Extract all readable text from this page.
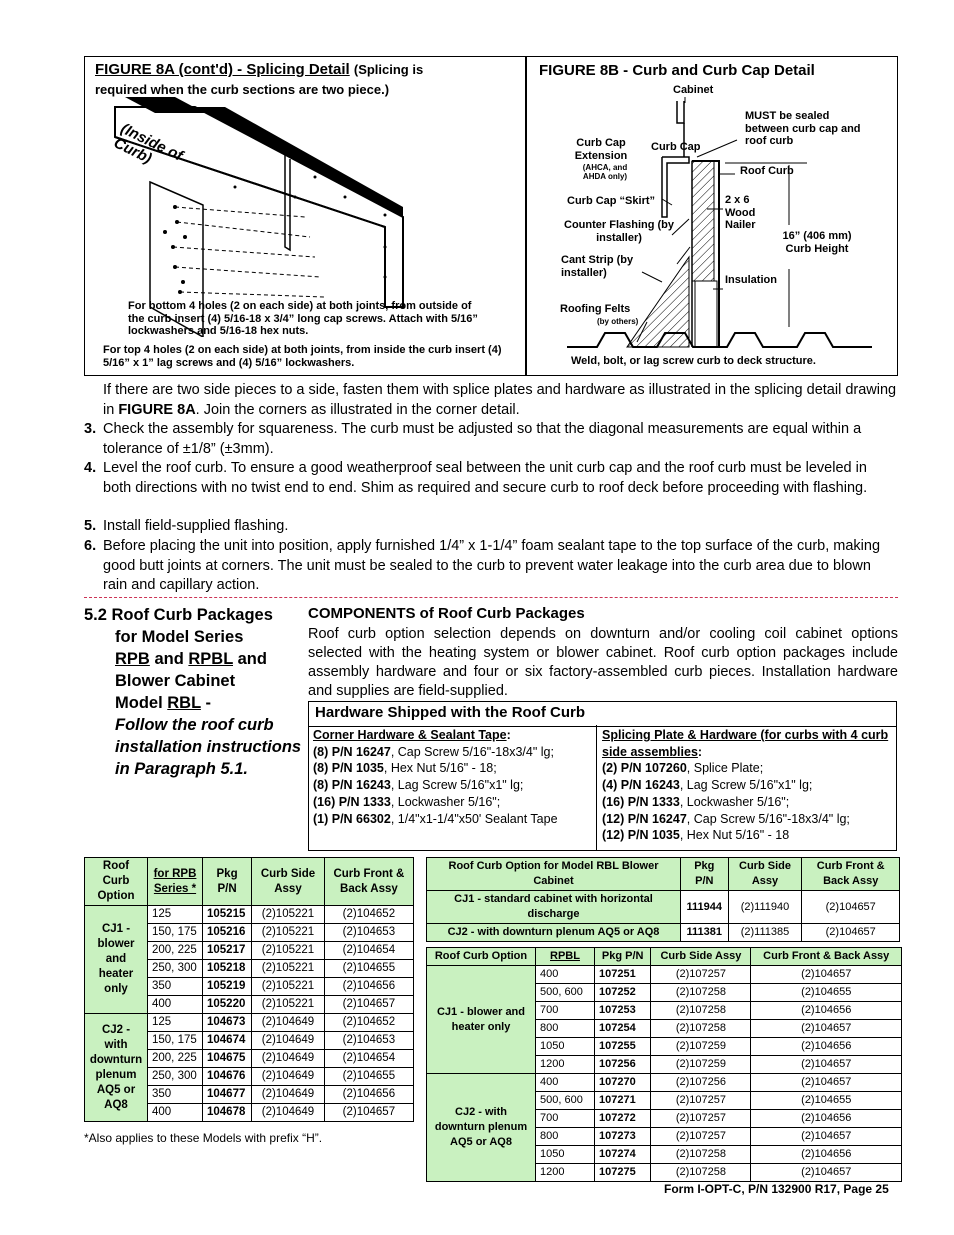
FIGURE 8A (cont'd) - Splicing Detail (Splicing is
required when the curb sections are two piece.)
(Inside of Curb)
For bottom 4 holes (2 on each side) at both joints, from outside of the curb insert (4) 5/16-18 x 3/4” long cap screws. Attach with 5/16” lockwashers and 5/16-18 hex nuts.
For top 4 holes (2 on each side) at both joints, from inside the curb insert (4) 5/16” x 1” lag screws and (4) 5/16” lockwashers.
FIGURE 8B - Curb and Curb Cap Detail
Cabinet
MUST be sealed between curb cap and roof curb
Curb Cap Extension
(AHCA, and AHDA only)
Curb Cap
Roof Curb
Curb Cap “Skirt”	2 x 6 Wood Nailer
Counter Flashing (by installer)	16” (406 mm) Curb Height
Cant Strip (by installer)
Insulation
Roofing Felts
(by others)
Weld, bolt, or lag screw curb to deck structure.
If there are two side pieces to a side, fasten them with splice plates and hardware as illustrated in the splicing detail drawing in FIGURE 8A. Join the corners as illustrated in the corner detail.
3. Check the assembly for squareness. The curb must be adjusted so that the diagonal measurements are equal within a tolerance of ±1/8” (±3mm).
4. Level the roof curb. To ensure a good weatherproof seal between the unit curb cap and the roof curb must be leveled in both directions with no twist end to end. Shim as required and secure curb to roof deck before proceeding with flashing.
5. Install field-supplied flashing.
6. Before placing the unit into position, apply furnished 1/4” x 1-1/4” foam sealant tape to the top surface of the curb, making good butt joints at corners. The unit must be sealed to the curb to prevent water leakage into the curb area due to blown rain and capillary action.
5.2 Roof Curb Packages
for Model Series
RPB and RPBL and
Blower Cabinet
Model RBL -
Follow the roof curb installation instructions in Paragraph 5.1.
COMPONENTS of Roof Curb Packages
Roof curb option selection depends on downturn and/or cooling coil cabinet options selected with the heating system or blower cabinet. Roof curb option packages include assembly hardware and four or six factory-assembled curb pieces. Installation hardware and supplies are field-supplied.
Hardware Shipped with the Roof Curb
Corner Hardware & Sealant Tape:
(8) P/N 16247, Cap Screw 5/16"-18x3/4" lg;
(8) P/N 1035, Hex Nut 5/16" - 18;
(8) P/N 16243, Lag Screw 5/16"x1" lg;
(16) P/N 1333, Lockwasher 5/16";
(1) P/N 66302, 1/4"x1-1/4"x50' Sealant Tape
Splicing Plate & Hardware (for curbs with 4 curb side assemblies:
(2) P/N 107260, Splice Plate;
(4) P/N 16243, Lag Screw 5/16"x1" lg;
(16) P/N 1333, Lockwasher 5/16";
(12) P/N 16247, Cap Screw 5/16"-18x3/4" lg;
(12) P/N 1035, Hex Nut 5/16" - 18
Roof Curb Option	for RPB Series *	Pkg P/N	Curb Side Assy	Curb Front & Back Assy
CJ1 - blower and heater only	125	105215	(2)105221	(2)104652
	150, 175	105216	(2)105221	(2)104653
	200, 225	105217	(2)105221	(2)104654
	250, 300	105218	(2)105221	(2)104655
	350	105219	(2)105221	(2)104656
	400	105220	(2)105221	(2)104657
CJ2 - with downturn plenum AQ5 or AQ8	125	104673	(2)104649	(2)104652
	150, 175	104674	(2)104649	(2)104653
	200, 225	104675	(2)104649	(2)104654
	250, 300	104676	(2)104649	(2)104655
	350	104677	(2)104649	(2)104656
	400	104678	(2)104649	(2)104657
*Also applies to these Models with prefix “H”.
Roof Curb Option for Model RBL Blower Cabinet	Pkg P/N	Curb Side Assy	Curb Front & Back Assy
CJ1 - standard cabinet with horizontal discharge	111944	(2)111940	(2)104657
CJ2 - with downturn plenum AQ5 or AQ8	111381	(2)111385	(2)104657
Roof Curb Option	RPBL	Pkg P/N	Curb Side Assy	Curb Front & Back Assy
CJ1 - blower and heater only	400	107251	(2)107257	(2)104657
	500, 600	107252	(2)107258	(2)104655
	700	107253	(2)107258	(2)104656
	800	107254	(2)107258	(2)104657
	1050	107255	(2)107259	(2)104656
	1200	107256	(2)107259	(2)104657
CJ2 - with downturn plenum AQ5 or AQ8	400	107270	(2)107256	(2)104657
	500, 600	107271	(2)107257	(2)104655
	700	107272	(2)107257	(2)104656
	800	107273	(2)107257	(2)104657
	1050	107274	(2)107258	(2)104656
	1200	107275	(2)107258	(2)104657
Form I-OPT-C, P/N 132900 R17, Page 25
